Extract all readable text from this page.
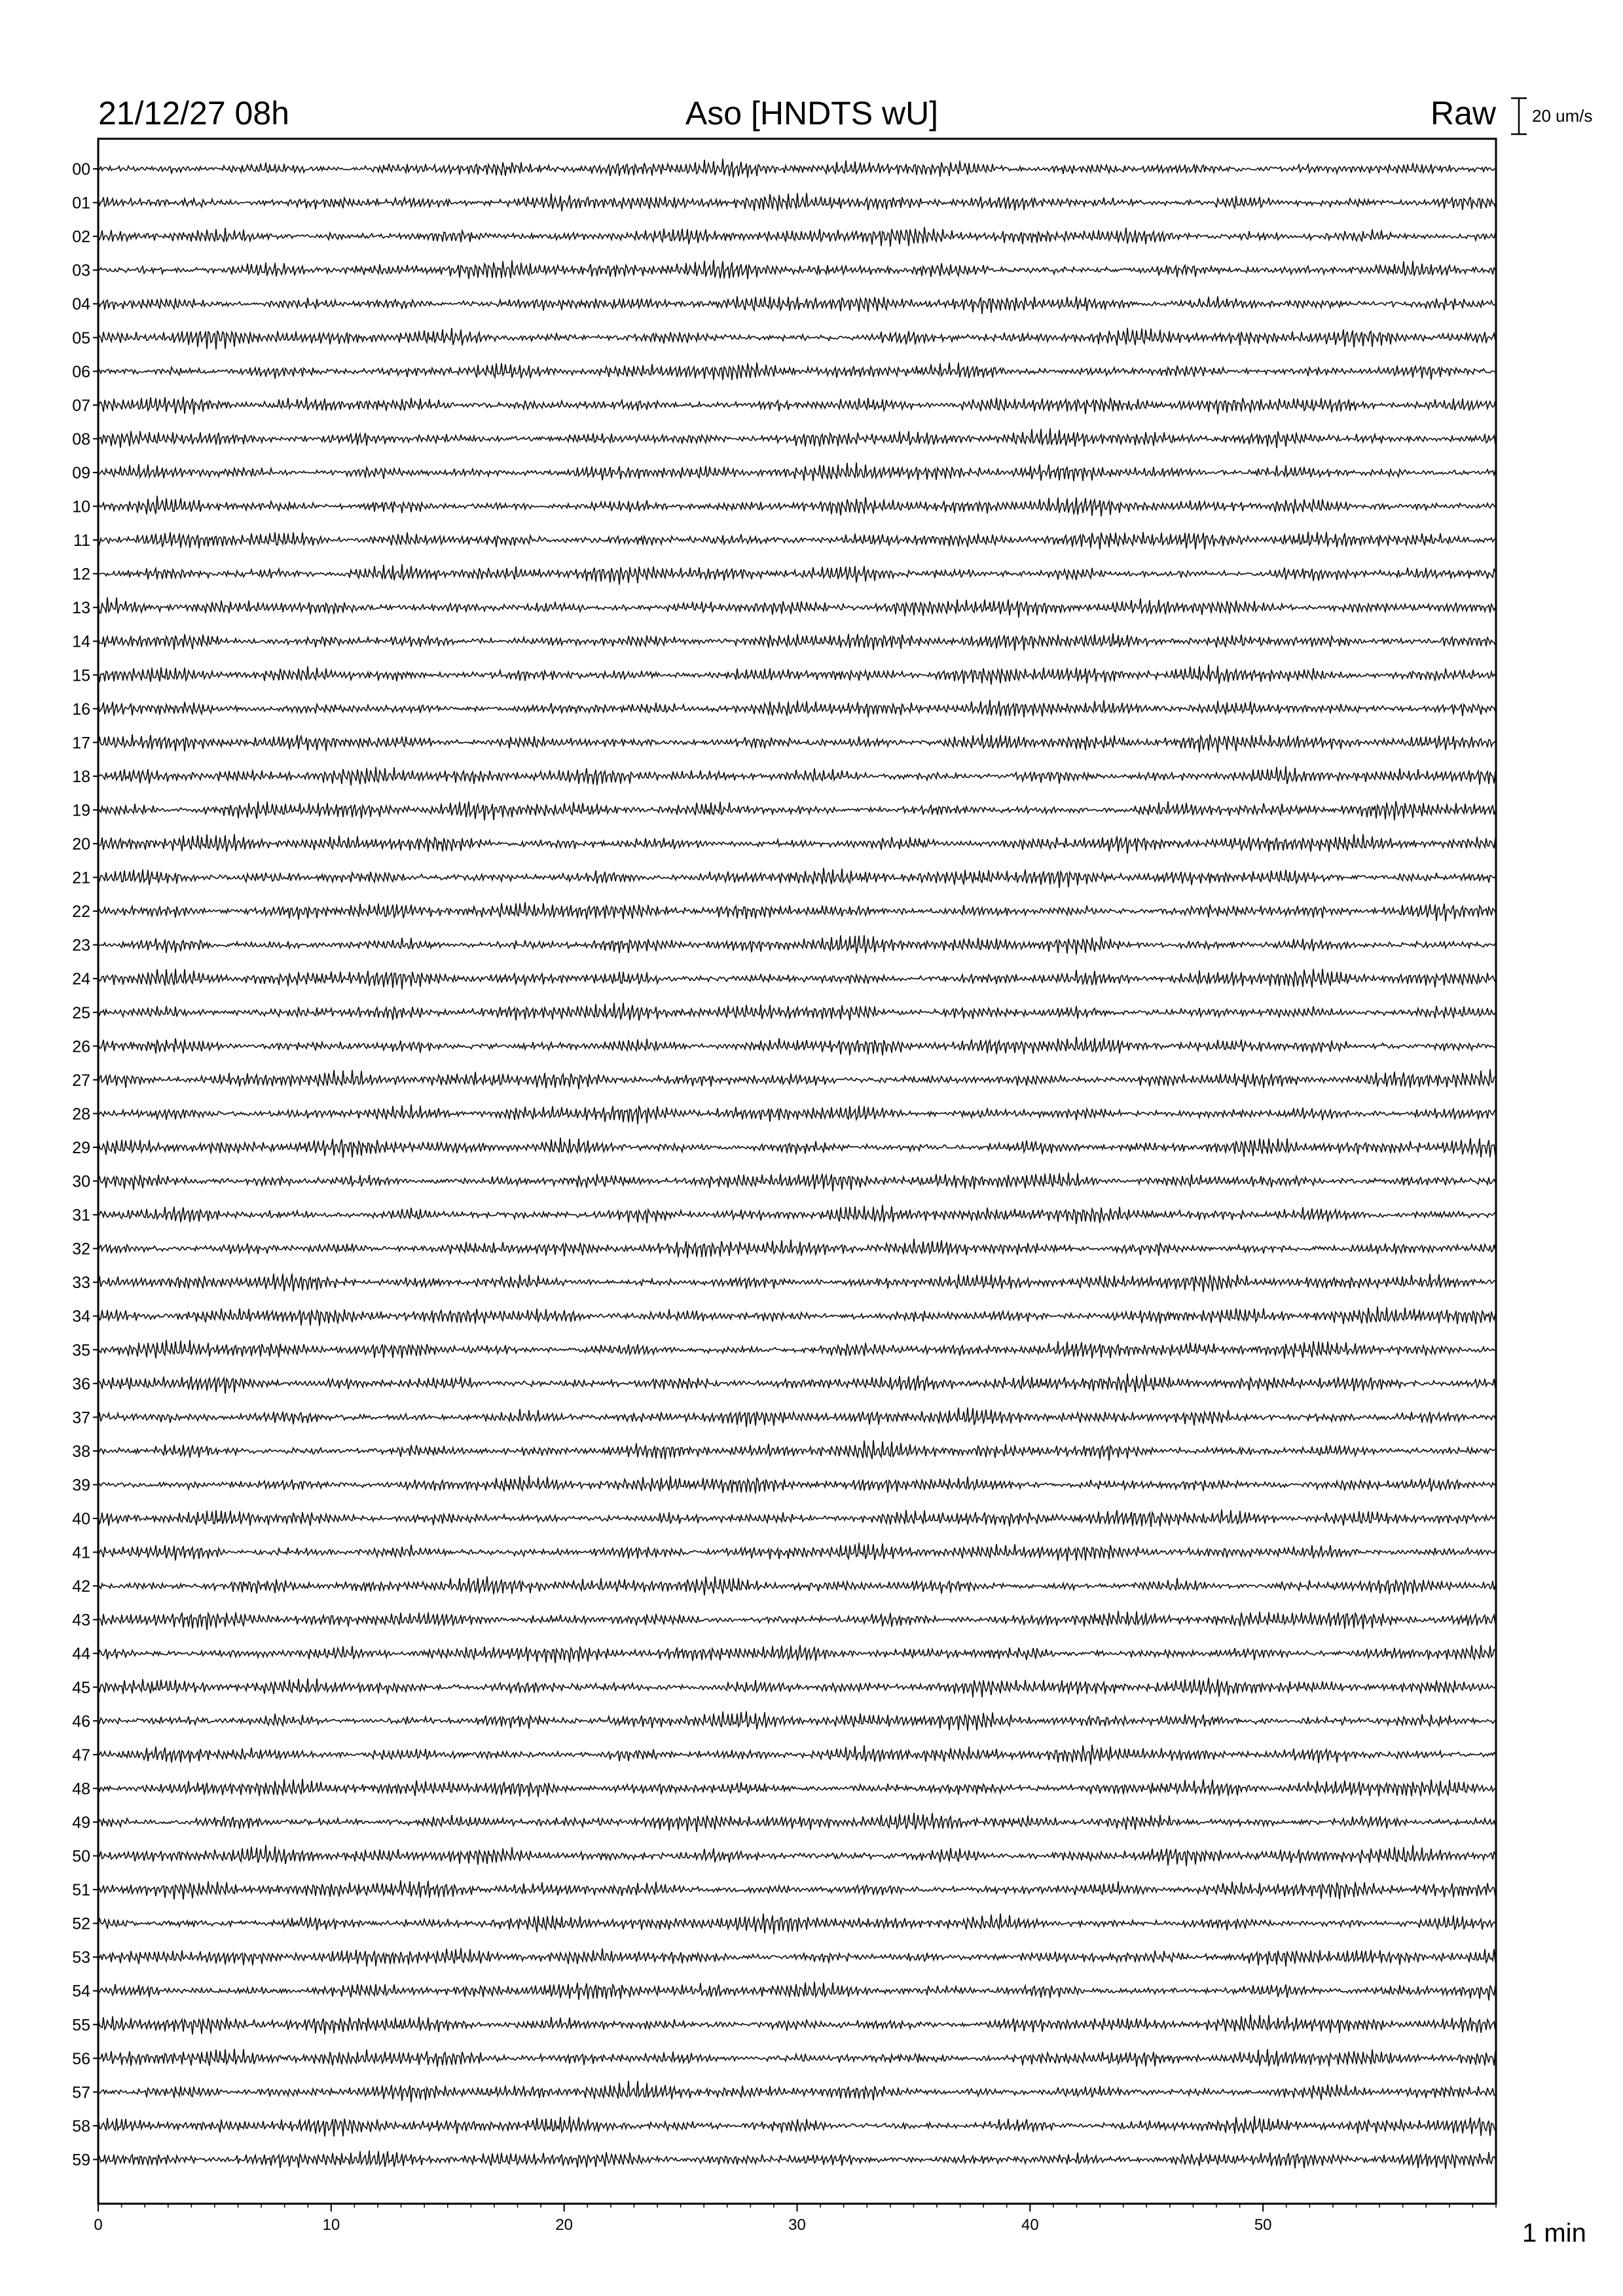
21/12/27 08h	Aso [HNDTS wU]	Raw 20 um/s
00
01
02
03
04
05
06
07
08
09
10
11
12
13
14
15
16
17
18
19
20
21
22
23
24
25
26
27
28
29
30
31
32
33
34
35
36
37
38
39
40
41
42
43
44
45
46
47
48
49
50
51
52
53
54
55
56
57
58
59
0	10	20	30	40	50	1 min
